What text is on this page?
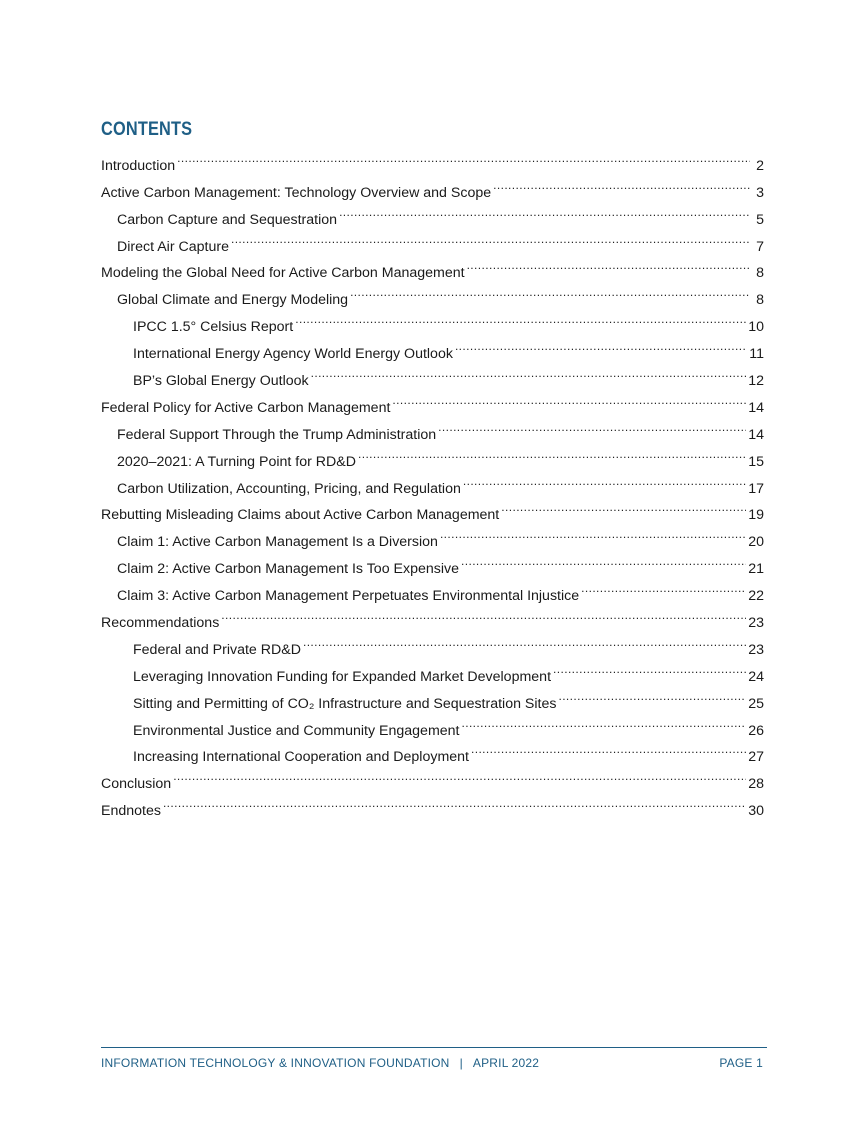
CONTENTS
Introduction .....	2
Active Carbon Management: Technology Overview and Scope .....	3
Carbon Capture and Sequestration .....	5
Direct Air Capture .....	7
Modeling the Global Need for Active Carbon Management .....	8
Global Climate and Energy Modeling .....	8
IPCC 1.5° Celsius Report .....	10
International Energy Agency World Energy Outlook .....	11
BP’s Global Energy Outlook .....	12
Federal Policy for Active Carbon Management .....	14
Federal Support Through the Trump Administration .....	14
2020–2021: A Turning Point for RD&D .....	15
Carbon Utilization, Accounting, Pricing, and Regulation .....	17
Rebutting Misleading Claims about Active Carbon Management .....	19
Claim 1: Active Carbon Management Is a Diversion .....	20
Claim 2: Active Carbon Management Is Too Expensive .....	21
Claim 3: Active Carbon Management Perpetuates Environmental Injustice .....	22
Recommendations .....	23
Federal and Private RD&D .....	23
Leveraging Innovation Funding for Expanded Market Development .....	24
Sitting and Permitting of CO₂ Infrastructure and Sequestration Sites .....	25
Environmental Justice and Community Engagement .....	26
Increasing International Cooperation and Deployment .....	27
Conclusion .....	28
Endnotes .....	30
INFORMATION TECHNOLOGY & INNOVATION FOUNDATION | APRIL 2022	PAGE 1
